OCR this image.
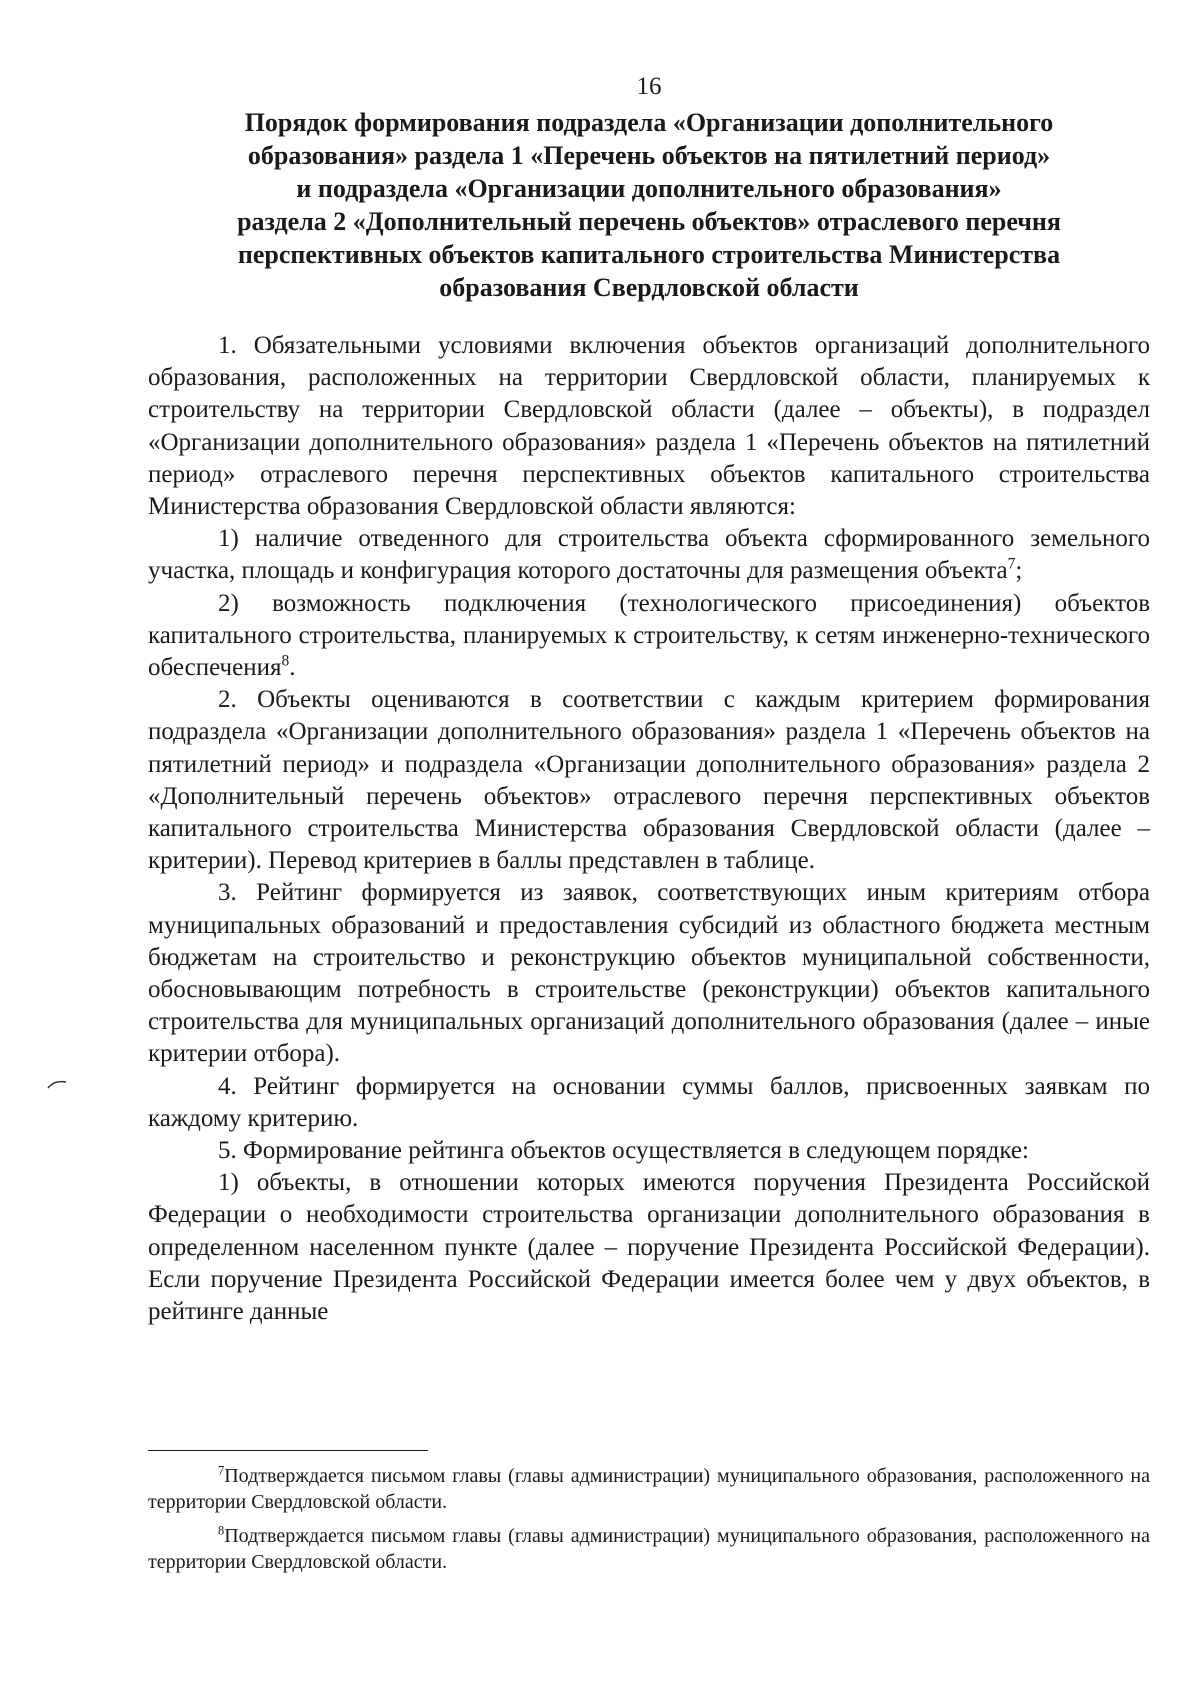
16
Порядок формирования подраздела «Организации дополнительного
образования» раздела 1 «Перечень объектов на пятилетний период»
и подраздела «Организации дополнительного образования»
раздела 2 «Дополнительный перечень объектов» отраслевого перечня
перспективных объектов капитального строительства Министерства
образования Свердловской области

1. Обязательными условиями включения объектов организаций дополнительного образования, расположенных на территории Свердловской области, планируемых к строительству на территории Свердловской области (далее – объекты), в подраздел «Организации дополнительного образования» раздела 1 «Перечень объектов на пятилетний период» отраслевого перечня перспективных объектов капитального строительства Министерства образования Свердловской области являются:

1) наличие отведенного для строительства объекта сформированного земельного участка, площадь и конфигурация которого достаточны для размещения объекта$^7$;

2) возможность подключения (технологического присоединения) объектов капитального строительства, планируемых к строительству, к сетям инженерно-технического обеспечения$^8$.

2. Объекты оцениваются в соответствии с каждым критерием формирования подраздела «Организации дополнительного образования» раздела 1 «Перечень объектов на пятилетний период» и подраздела «Организации дополнительного образования» раздела 2 «Дополнительный перечень объектов» отраслевого перечня перспективных объектов капитального строительства Министерства образования Свердловской области (далее – критерии). Перевод критериев в баллы представлен в таблице.

3. Рейтинг формируется из заявок, соответствующих иным критериям отбора муниципальных образований и предоставления субсидий из областного бюджета местным бюджетам на строительство и реконструкцию объектов муниципальной собственности, обосновывающим потребность в строительстве (реконструкции) объектов капитального строительства для муниципальных организаций дополнительного образования (далее – иные критерии отбора).

4. Рейтинг формируется на основании суммы баллов, присвоенных заявкам по каждому критерию.

5. Формирование рейтинга объектов осуществляется в следующем порядке:

1) объекты, в отношении которых имеются поручения Президента Российской Федерации о необходимости строительства организации дополнительного образования в определенном населенном пункте (далее – поручение Президента Российской Федерации). Если поручение Президента Российской Федерации имеется более чем у двух объектов, в рейтинге данные

$^7$Подтверждается письмом главы (главы администрации) муниципального образования, расположенного на территории Свердловской области.

$^8$Подтверждается письмом главы (главы администрации) муниципального образования, расположенного на территории Свердловской области.
